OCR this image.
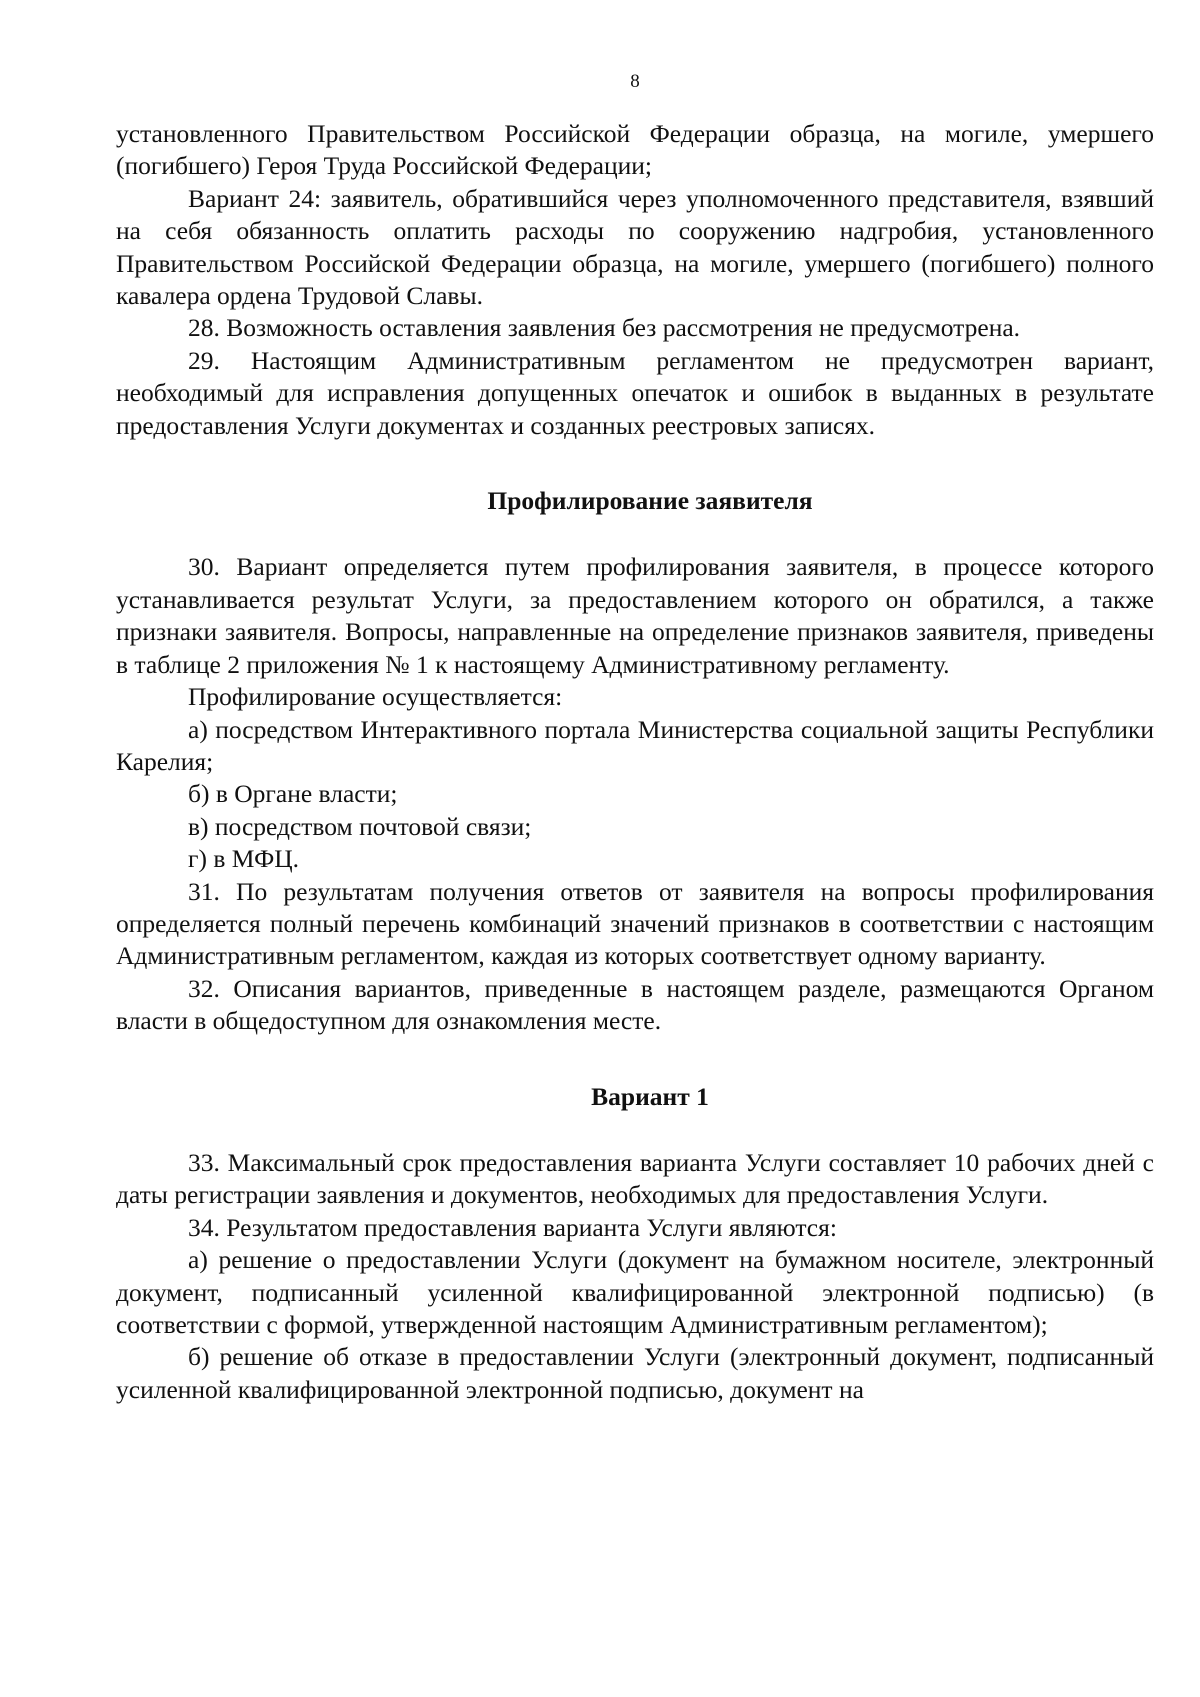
8

установленного Правительством Российской Федерации образца, на могиле, умершего (погибшего) Героя Труда Российской Федерации;

Вариант 24: заявитель, обратившийся через уполномоченного представителя, взявший на себя обязанность оплатить расходы по сооружению надгробия, установленного Правительством Российской Федерации образца, на могиле, умершего (погибшего) полного кавалера ордена Трудовой Славы.

28. Возможность оставления заявления без рассмотрения не предусмотрена.

29. Настоящим Административным регламентом не предусмотрен вариант, необходимый для исправления допущенных опечаток и ошибок в выданных в результате предоставления Услуги документах и созданных реестровых записях.

Профилирование заявителя

30. Вариант определяется путем профилирования заявителя, в процессе которого устанавливается результат Услуги, за предоставлением которого он обратился, а также признаки заявителя. Вопросы, направленные на определение признаков заявителя, приведены в таблице 2 приложения № 1 к настоящему Административному регламенту.

Профилирование осуществляется:

а) посредством Интерактивного портала Министерства социальной защиты Республики Карелия;

б) в Органе власти;

в) посредством почтовой связи;

г) в МФЦ.

31. По результатам получения ответов от заявителя на вопросы профилирования определяется полный перечень комбинаций значений признаков в соответствии с настоящим Административным регламентом, каждая из которых соответствует одному варианту.

32. Описания вариантов, приведенные в настоящем разделе, размещаются Органом власти в общедоступном для ознакомления месте.

Вариант 1

33. Максимальный срок предоставления варианта Услуги составляет 10 рабочих дней с даты регистрации заявления и документов, необходимых для предоставления Услуги.

34. Результатом предоставления варианта Услуги являются:

а) решение о предоставлении Услуги (документ на бумажном носителе, электронный документ, подписанный усиленной квалифицированной электронной подписью) (в соответствии с формой, утвержденной настоящим Административным регламентом);

б) решение об отказе в предоставлении Услуги (электронный документ, подписанный усиленной квалифицированной электронной подписью, документ на
